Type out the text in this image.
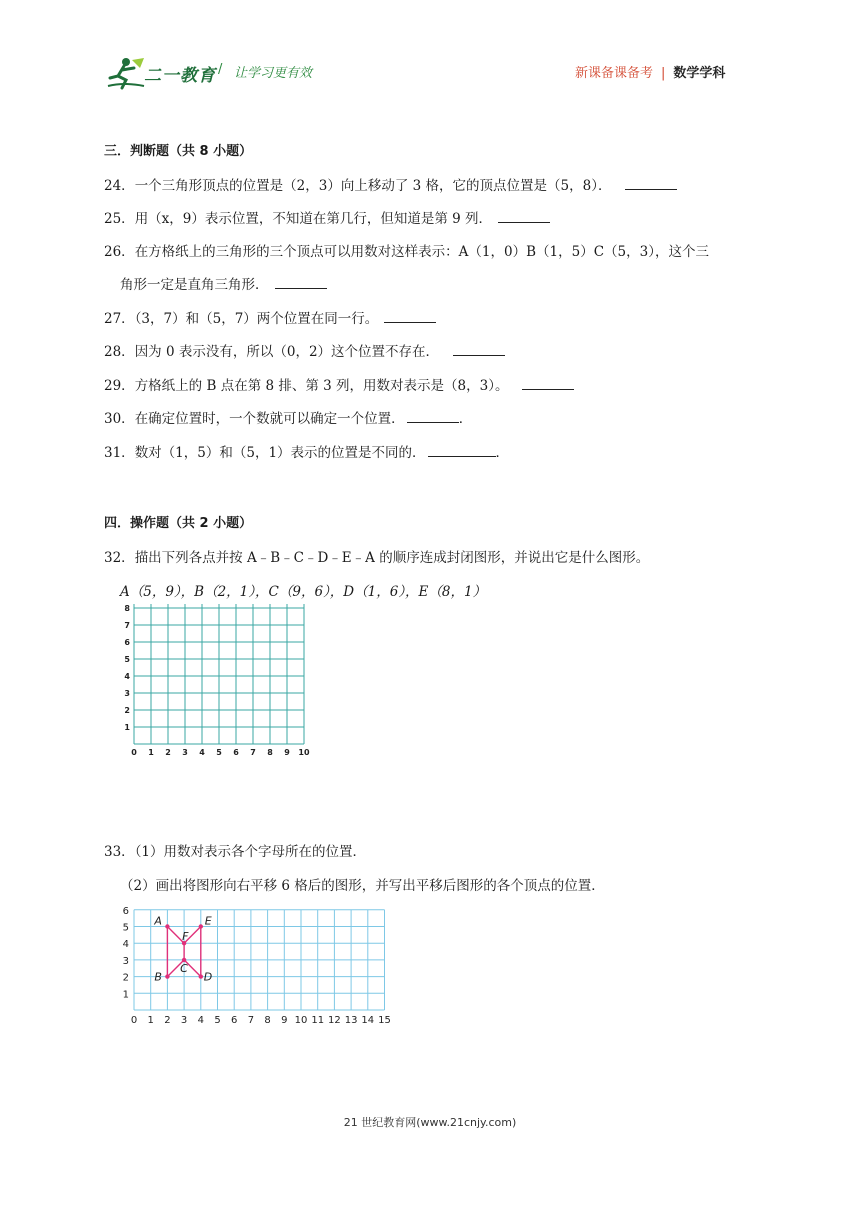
二一教育 / 让学习更有效	新课备课备考 | 数学学科
三．判断题（共 8 小题）
24．一个三角形顶点的位置是（2，3）向上移动了 3 格，它的顶点位置是（5，8）．
25．用（x，9）表示位置，不知道在第几行，但知道是第 9 列．
26．在方格纸上的三角形的三个顶点可以用数对这样表示：A（1，0）B（1，5）C（5，3），这个三
角形一定是直角三角形．
27．（3，7）和（5，7）两个位置在同一行。
28．因为 0 表示没有，所以（0，2）这个位置不存在．
29．方格纸上的 B 点在第 8 排、第 3 列，用数对表示是（8，3）。
30．在确定位置时，一个数就可以确定一个位置．	．
31．数对（1，5）和（5，1）表示的位置是不同的．	．
四．操作题（共 2 小题）
32．描出下列各点并按 A﹣B﹣C﹣D﹣E﹣A 的顺序连成封闭图形，并说出它是什么图形。
A（5，9），B（2，1），C（9，6），D（1，6），E（8，1）
0 1 2 3 4 5 6 7 8 9 10
1
2
3
4
5
6
7
8
33．（1）用数对表示各个字母所在的位置．
（2）画出将图形向右平移 6 格后的图形，并写出平移后图形的各个顶点的位置．
0 1 2 3 4 5 6 7 8 9 10 11 12 13 14 15
1
2
3
4
5
6
A	E
F
C
B	D
21 世纪教育网(www.21cnjy.com)
